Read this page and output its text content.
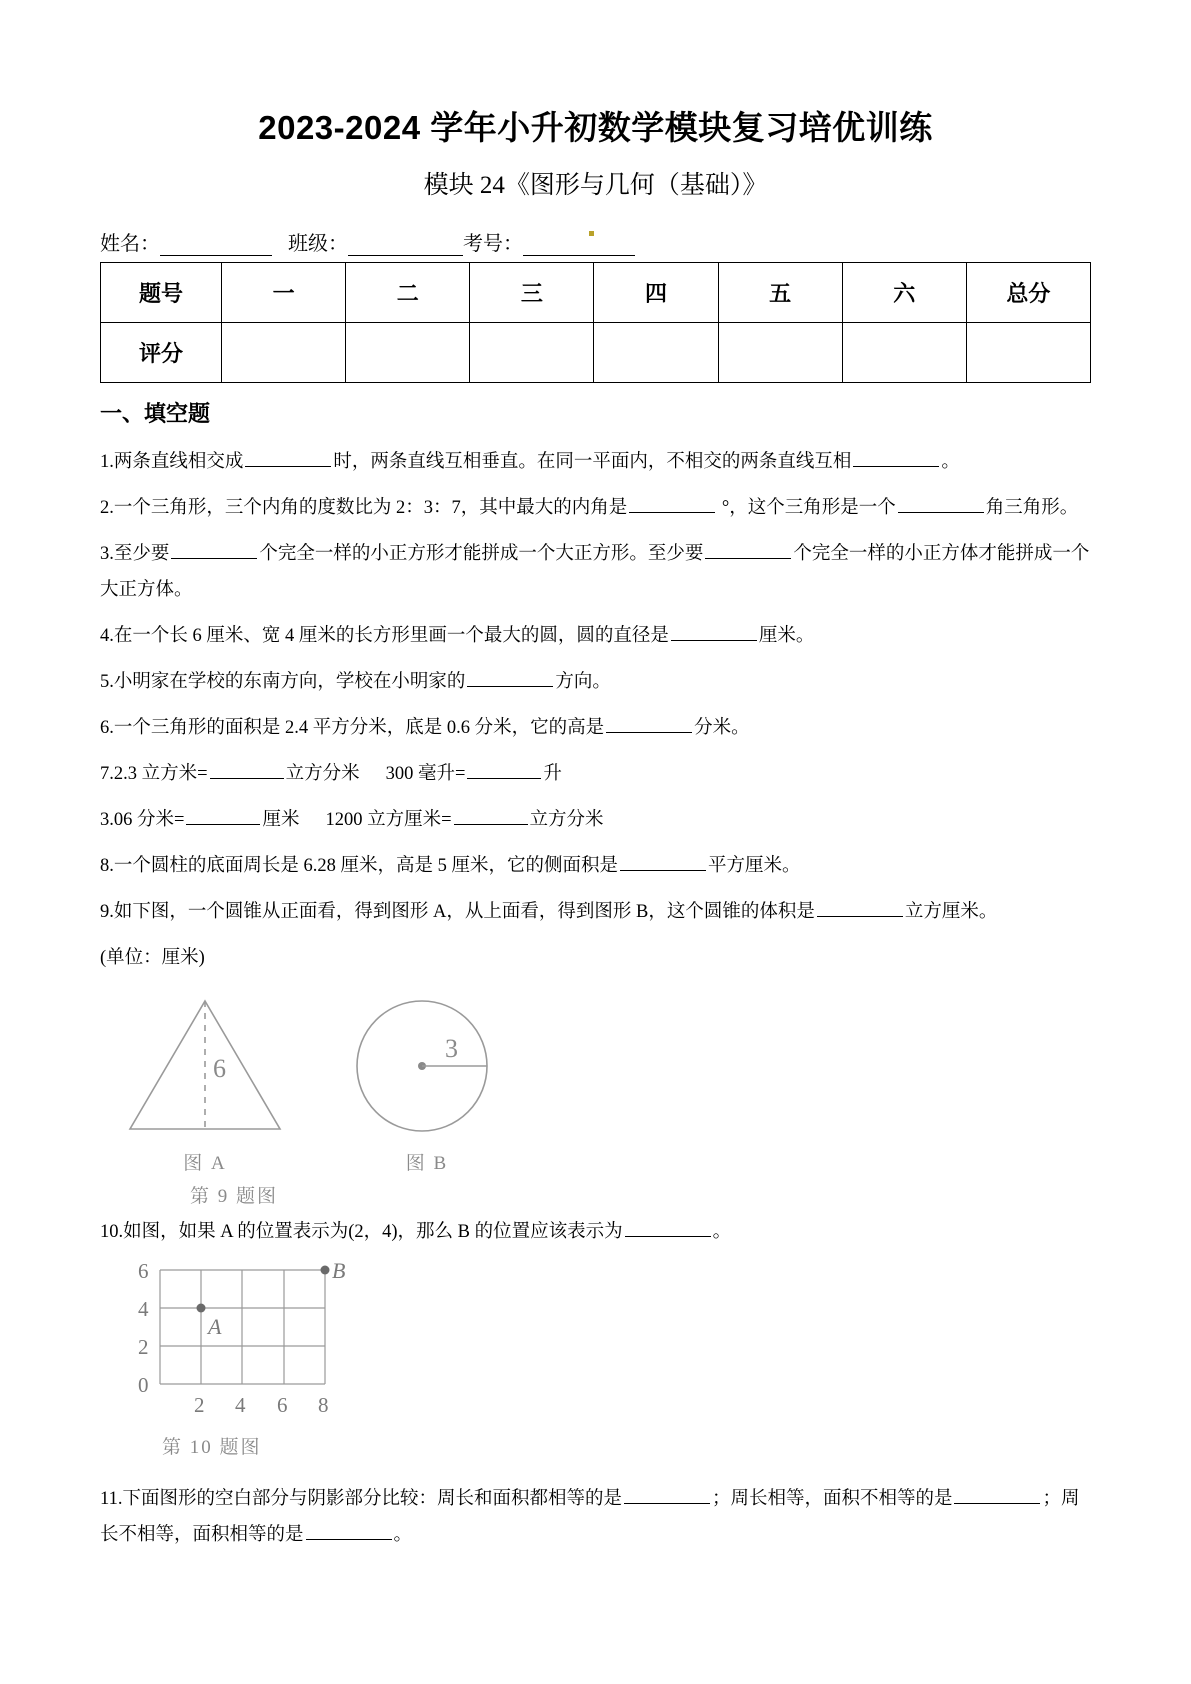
2023-2024 学年小升初数学模块复习培优训练
模块 24《图形与几何（基础）》
姓名：	班级：	考号：
题号	一	二	三	四	五	六	总分
评分							
一、填空题
1.两条直线相交成	时，两条直线互相垂直。在同一平面内，不相交的两条直线互相	。
2.一个三角形，三个内角的度数比为 2：3：7，其中最大的内角是	°，这个三角形是一个	角三角形。
3.至少要	个完全一样的小正方形才能拼成一个大正方形。至少要	个完全一样的小正方体才能拼成一个大正方体。
4.在一个长 6 厘米、宽 4 厘米的长方形里画一个最大的圆，圆的直径是	厘米。
5.小明家在学校的东南方向，学校在小明家的	方向。
6.一个三角形的面积是 2.4 平方分米，底是 0.6 分米，它的高是	分米。
7.2.3 立方米=	立方分米 300 毫升=	升
3.06 分米=	厘米 1200 立方厘米=	立方分米
8.一个圆柱的底面周长是 6.28 厘米，高是 5 厘米，它的侧面积是	平方厘米。
9.如下图，一个圆锥从正面看，得到图形 A，从上面看，得到图形 B，这个圆锥的体积是	立方厘米。
(单位：厘米)
6
图 A
3
图 B
第 9 题图
10.如图，如果 A 的位置表示为(2，4)，那么 B 的位置应该表示为	。
6
4
2
0
2 4 6 8
A
B
第 10 题图
11.下面图形的空白部分与阴影部分比较：周长和面积都相等的是	；周长相等，面积不相等的是	；周长不相等，面积相等的是	。
